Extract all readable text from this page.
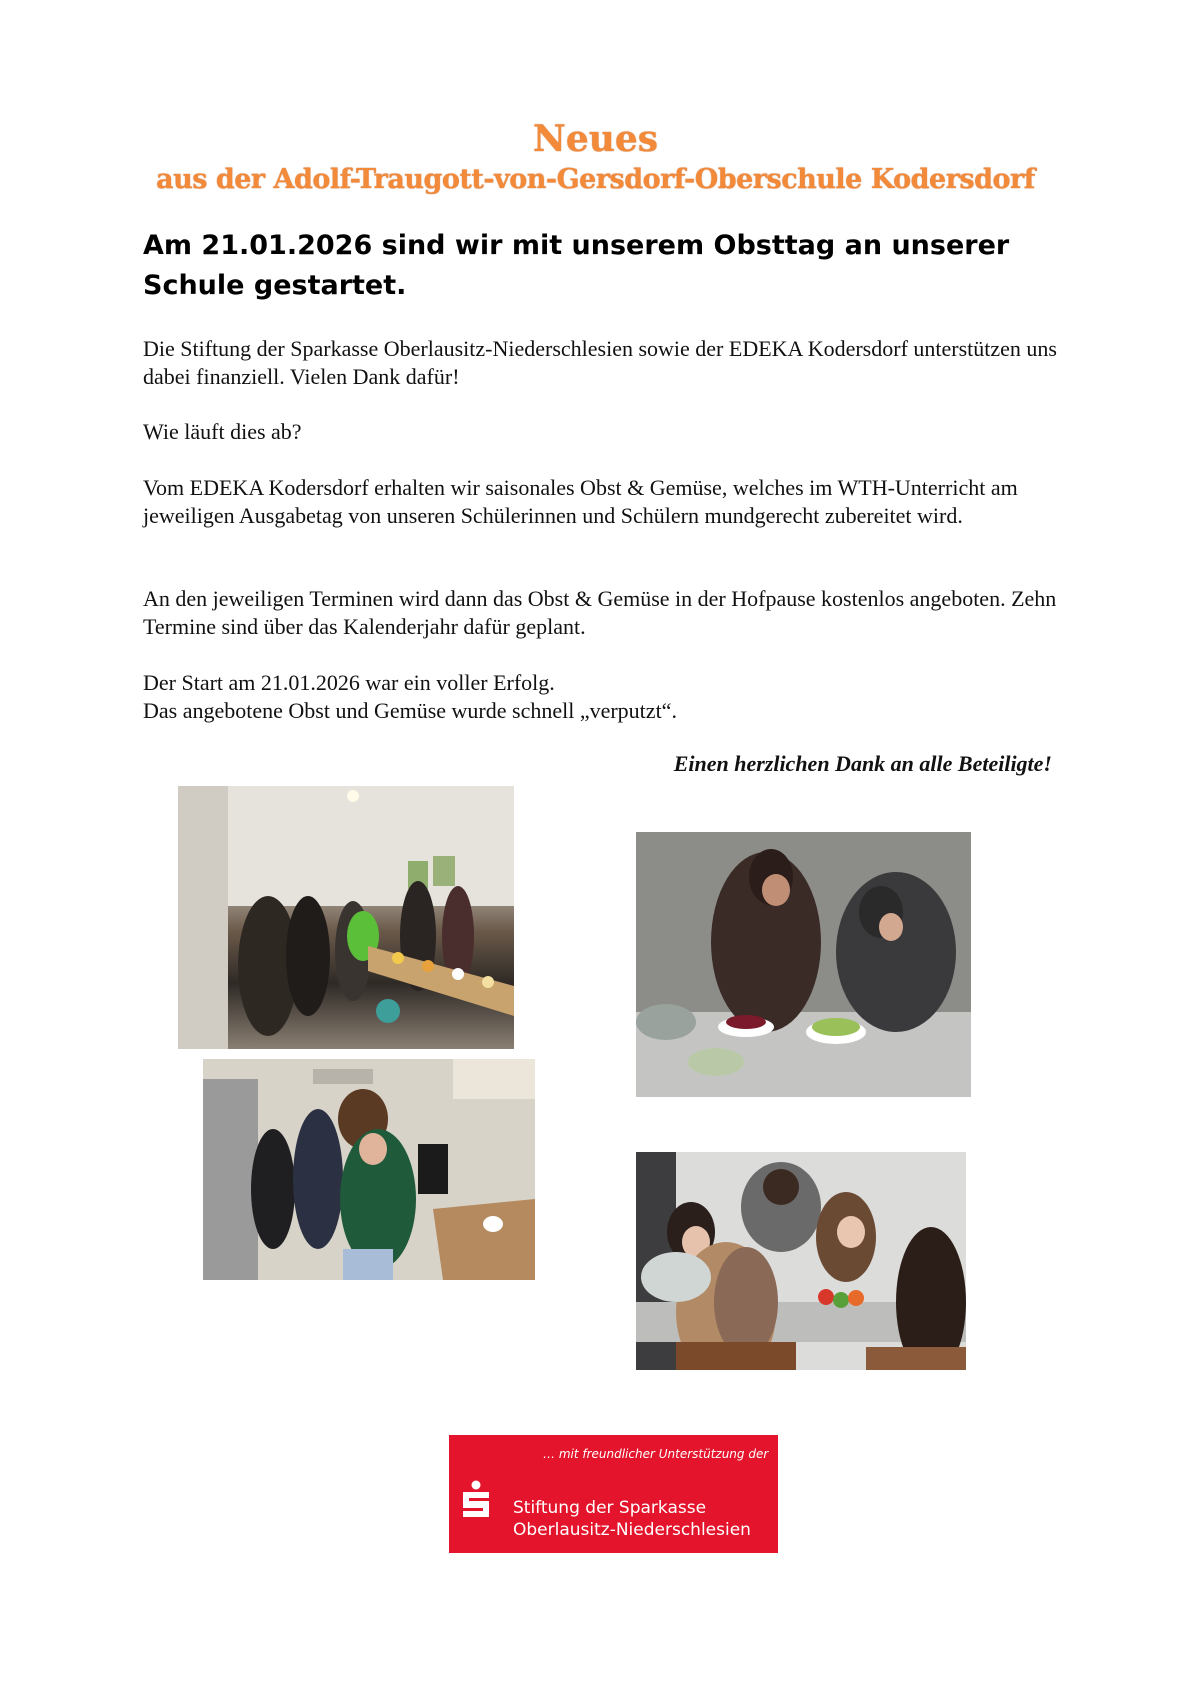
Neues
aus der Adolf-Traugott-von-Gersdorf-Oberschule Kodersdorf
Am 21.01.2026 sind wir mit unserem Obsttag an unserer Schule gestartet.
Die Stiftung der Sparkasse Oberlausitz-Niederschlesien sowie der EDEKA Kodersdorf unterstützen uns dabei finanziell. Vielen Dank dafür!
Wie läuft dies ab?
Vom EDEKA Kodersdorf erhalten wir saisonales Obst & Gemüse, welches im WTH-Unterricht am jeweiligen Ausgabetag von unseren Schülerinnen und Schülern mundgerecht zubereitet wird.
An den jeweiligen Terminen wird dann das Obst & Gemüse in der Hofpause kostenlos angeboten. Zehn Termine sind über das Kalenderjahr dafür geplant.
Der Start am 21.01.2026 war ein voller Erfolg.
Das angebotene Obst und Gemüse wurde schnell „verputzt“.
Einen herzlichen Dank an alle Beteiligte!
… mit freundlicher Unterstützung der
Stiftung der Sparkasse
Oberlausitz-Niederschlesien
